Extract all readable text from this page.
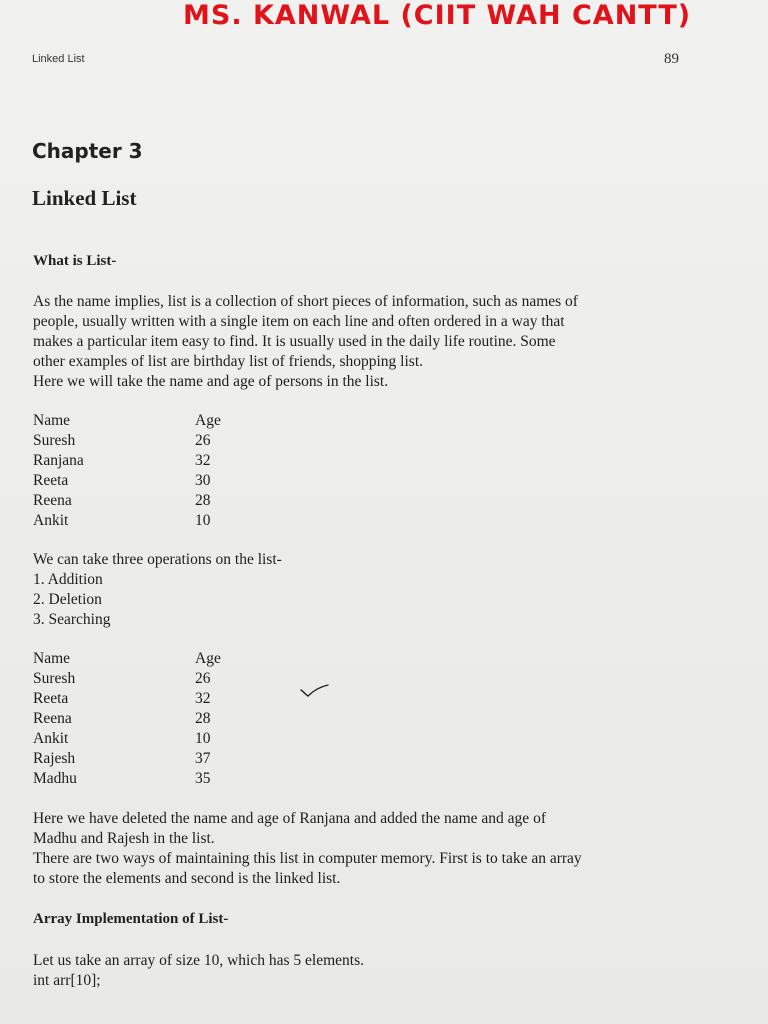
MS. KANWAL (CIIT WAH CANTT)
Linked List	89
Chapter 3
Linked List
What is List-
As the name implies, list is a collection of short pieces of information, such as names of
people, usually written with a single item on each line and often ordered in a way that
makes a particular item easy to find. It is usually used in the daily life routine. Some
other examples of list are birthday list of friends, shopping list.
Here we will take the name and age of persons in the list.
Name	Age
Suresh	26
Ranjana	32
Reeta	30
Reena	28
Ankit	10
We can take three operations on the list-
1. Addition
2. Deletion
3. Searching
Name	Age
Suresh	26
Reeta	32
Reena	28
Ankit	10
Rajesh	37
Madhu	35
Here we have deleted the name and age of Ranjana and added the name and age of
Madhu and Rajesh in the list.
There are two ways of maintaining this list in computer memory. First is to take an array
to store the elements and second is the linked list.
Array Implementation of List-
Let us take an array of size 10, which has 5 elements.
int arr[10];
